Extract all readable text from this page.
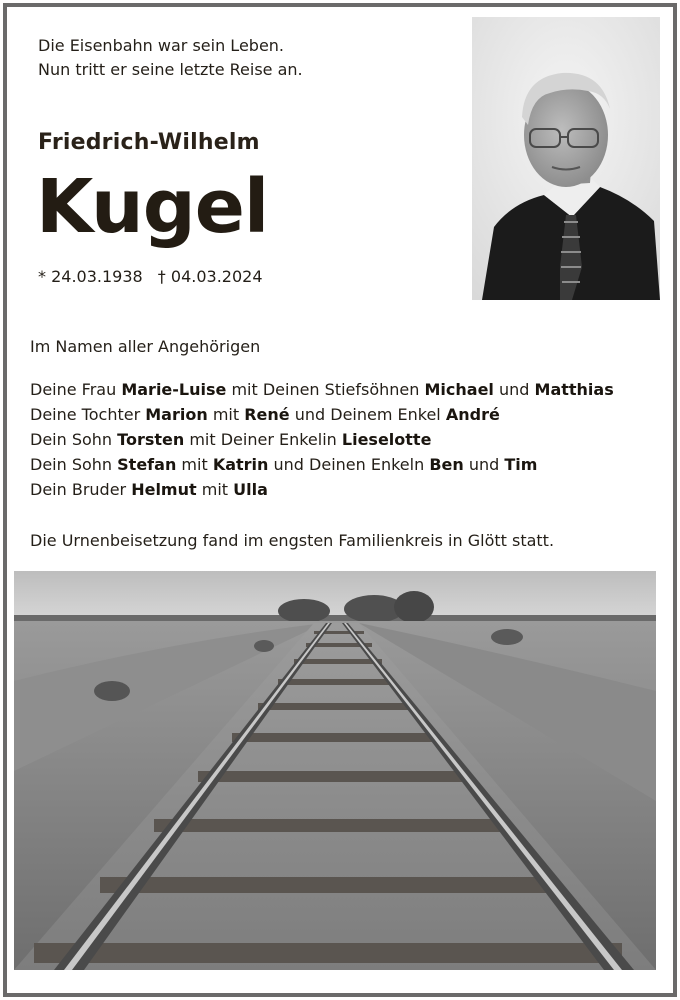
Die Eisenbahn war sein Leben.
Nun tritt er seine letzte Reise an.
Friedrich-Wilhelm
Kugel
* 24.03.1938 † 04.03.2024
Im Namen aller Angehörigen
Deine Frau Marie-Luise mit Deinen Stiefsöhnen Michael und Matthias
Deine Tochter Marion mit René und Deinem Enkel André
Dein Sohn Torsten mit Deiner Enkelin Lieselotte
Dein Sohn Stefan mit Katrin und Deinen Enkeln Ben und Tim
Dein Bruder Helmut mit Ulla
Die Urnenbeisetzung fand im engsten Familienkreis in Glött statt.
